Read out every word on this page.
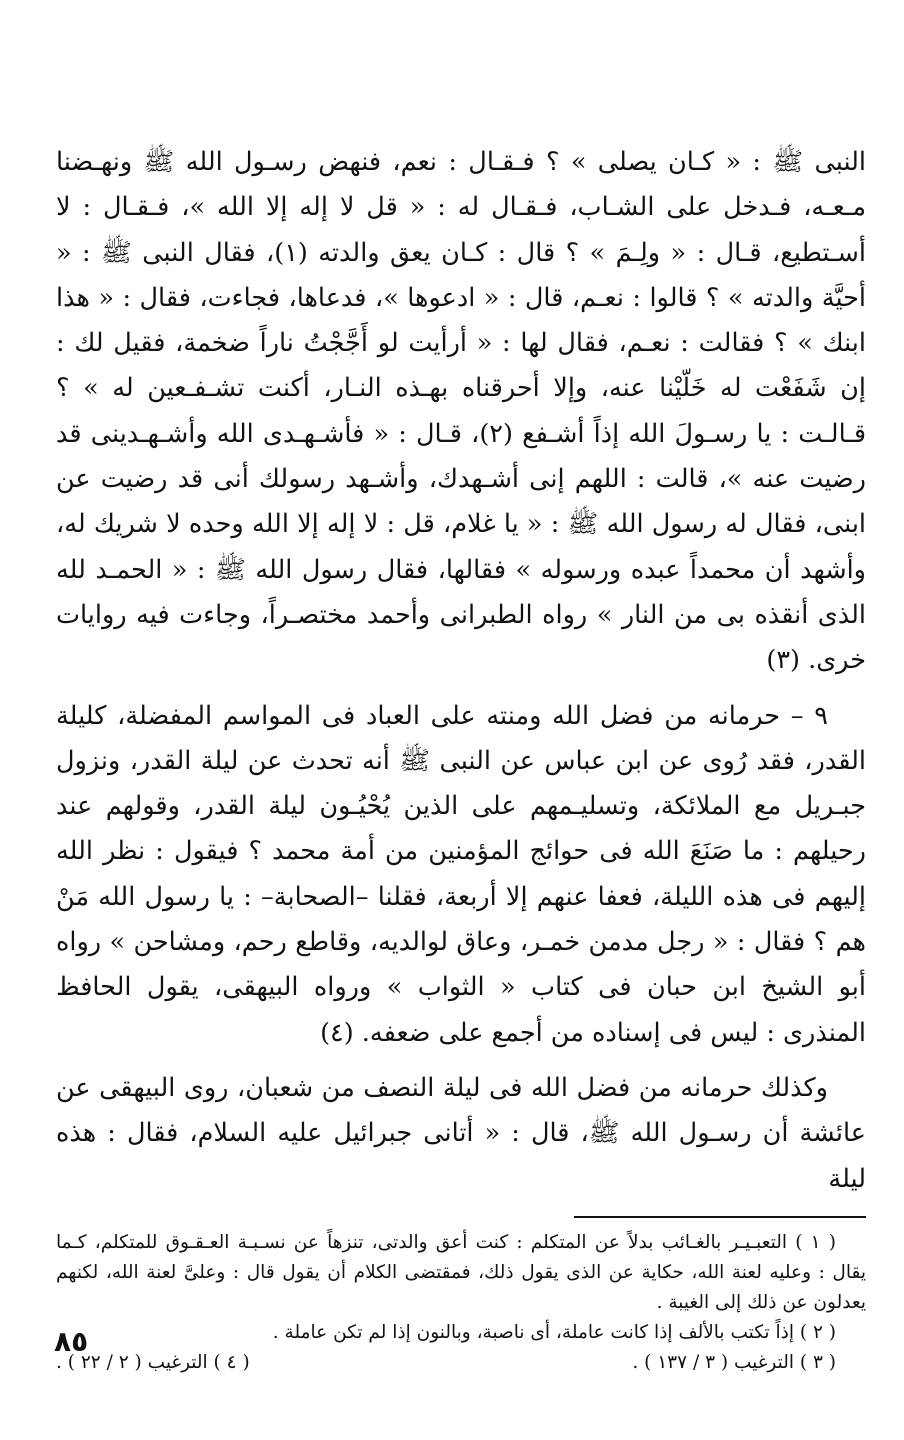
النبى ﷺ : « كـان يصلى » ؟ فـقـال : نعم، فنهض رسـول الله ﷺ ونهـضنا مـعـه، فـدخل على الشـاب، فـقـال له : « قل لا إله إلا الله »، فـقـال : لا أسـتطيع، قـال : « ولِـمَ » ؟ قال : كـان يعق والدته (١)، فقال النبى ﷺ : « أحيَّة والدته » ؟ قالوا : نعـم، قال : « ادعوها »، فدعاها، فجاءت، فقال : « هذا ابنك » ؟ فقالت : نعـم، فقال لها : « أرأيت لو أَجَّجْتُ ناراً ضخمة، فقيل لك : إن شَفَعْت له خَلّيْنا عنه، وإلا أحرقناه بهـذه النـار، أكنت تشـفـعين له » ؟ قـالـت : يا رسـولَ الله إذاً أشـفع (٢)، قـال : « فأشـهـدى الله وأشـهـدينى قد رضيت عنه »، قالت : اللهم إنى أشـهدك، وأشـهد رسولك أنى قد رضيت عن ابنى، فقال له رسول الله ﷺ : « يا غلام، قل : لا إله إلا الله وحده لا شريك له، وأشهد أن محمداً عبده ورسوله » فقالها، فقال رسول الله ﷺ : « الحمـد لله الذى أنقذه بى من النار » رواه الطبرانى وأحمد مختصـراً، وجاءت فيه روايات خرى. (٣)

٩ – حرمانه من فضل الله ومنته على العباد فى المواسم المفضلة، كليلة القدر، فقد رُوى عن ابن عباس عن النبى ﷺ أنه تحدث عن ليلة القدر، ونزول جبـريل مع الملائكة، وتسليـمهم على الذين يُحْيُـون ليلة القدر، وقولهم عند رحيلهم : ما صَنَعَ الله فى حوائج المؤمنين من أمة محمد ؟ فيقول : نظر الله إليهم فى هذه الليلة، فعفا عنهم إلا أربعة، فقلنا –الصحابة– : يا رسول الله مَنْ هم ؟ فقال : « رجل مدمن خمـر، وعاق لوالديه، وقاطع رحم، ومشاحن » رواه أبو الشيخ ابن حبان فى كتاب « الثواب » ورواه البيهقى، يقول الحافظ المنذرى : ليس فى إسناده من أجمع على ضعفه. (٤)

وكذلك حرمانه من فضل الله فى ليلة النصف من شعبان، روى البيهقى عن عائشة أن رسـول الله ﷺ، قال : « أتانى جبرائيل عليه السلام، فقال : هذه ليلة

( ١ ) التعبـيـر بالغـائب بدلاً عن المتكلم : كنت أعق والدتى، تنزهاً عن نسـبـة العـقـوق للمتكلم، كـما يقال : وعليه لعنة الله، حكاية عن الذى يقول ذلك، فمقتضى الكلام أن يقول قال : وعلىَّ لعنة الله، لكنهم يعدلون عن ذلك إلى الغيبة .

( ٢ ) إذاً تكتب بالألف إذا كانت عاملة، أى ناصبة، وبالنون إذا لم تكن عاملة .

( ٣ ) الترغيب ( ٣ / ١٣٧ ) .
( ٤ ) الترغيب ( ٢ / ٢٢ ) .
٨٥
